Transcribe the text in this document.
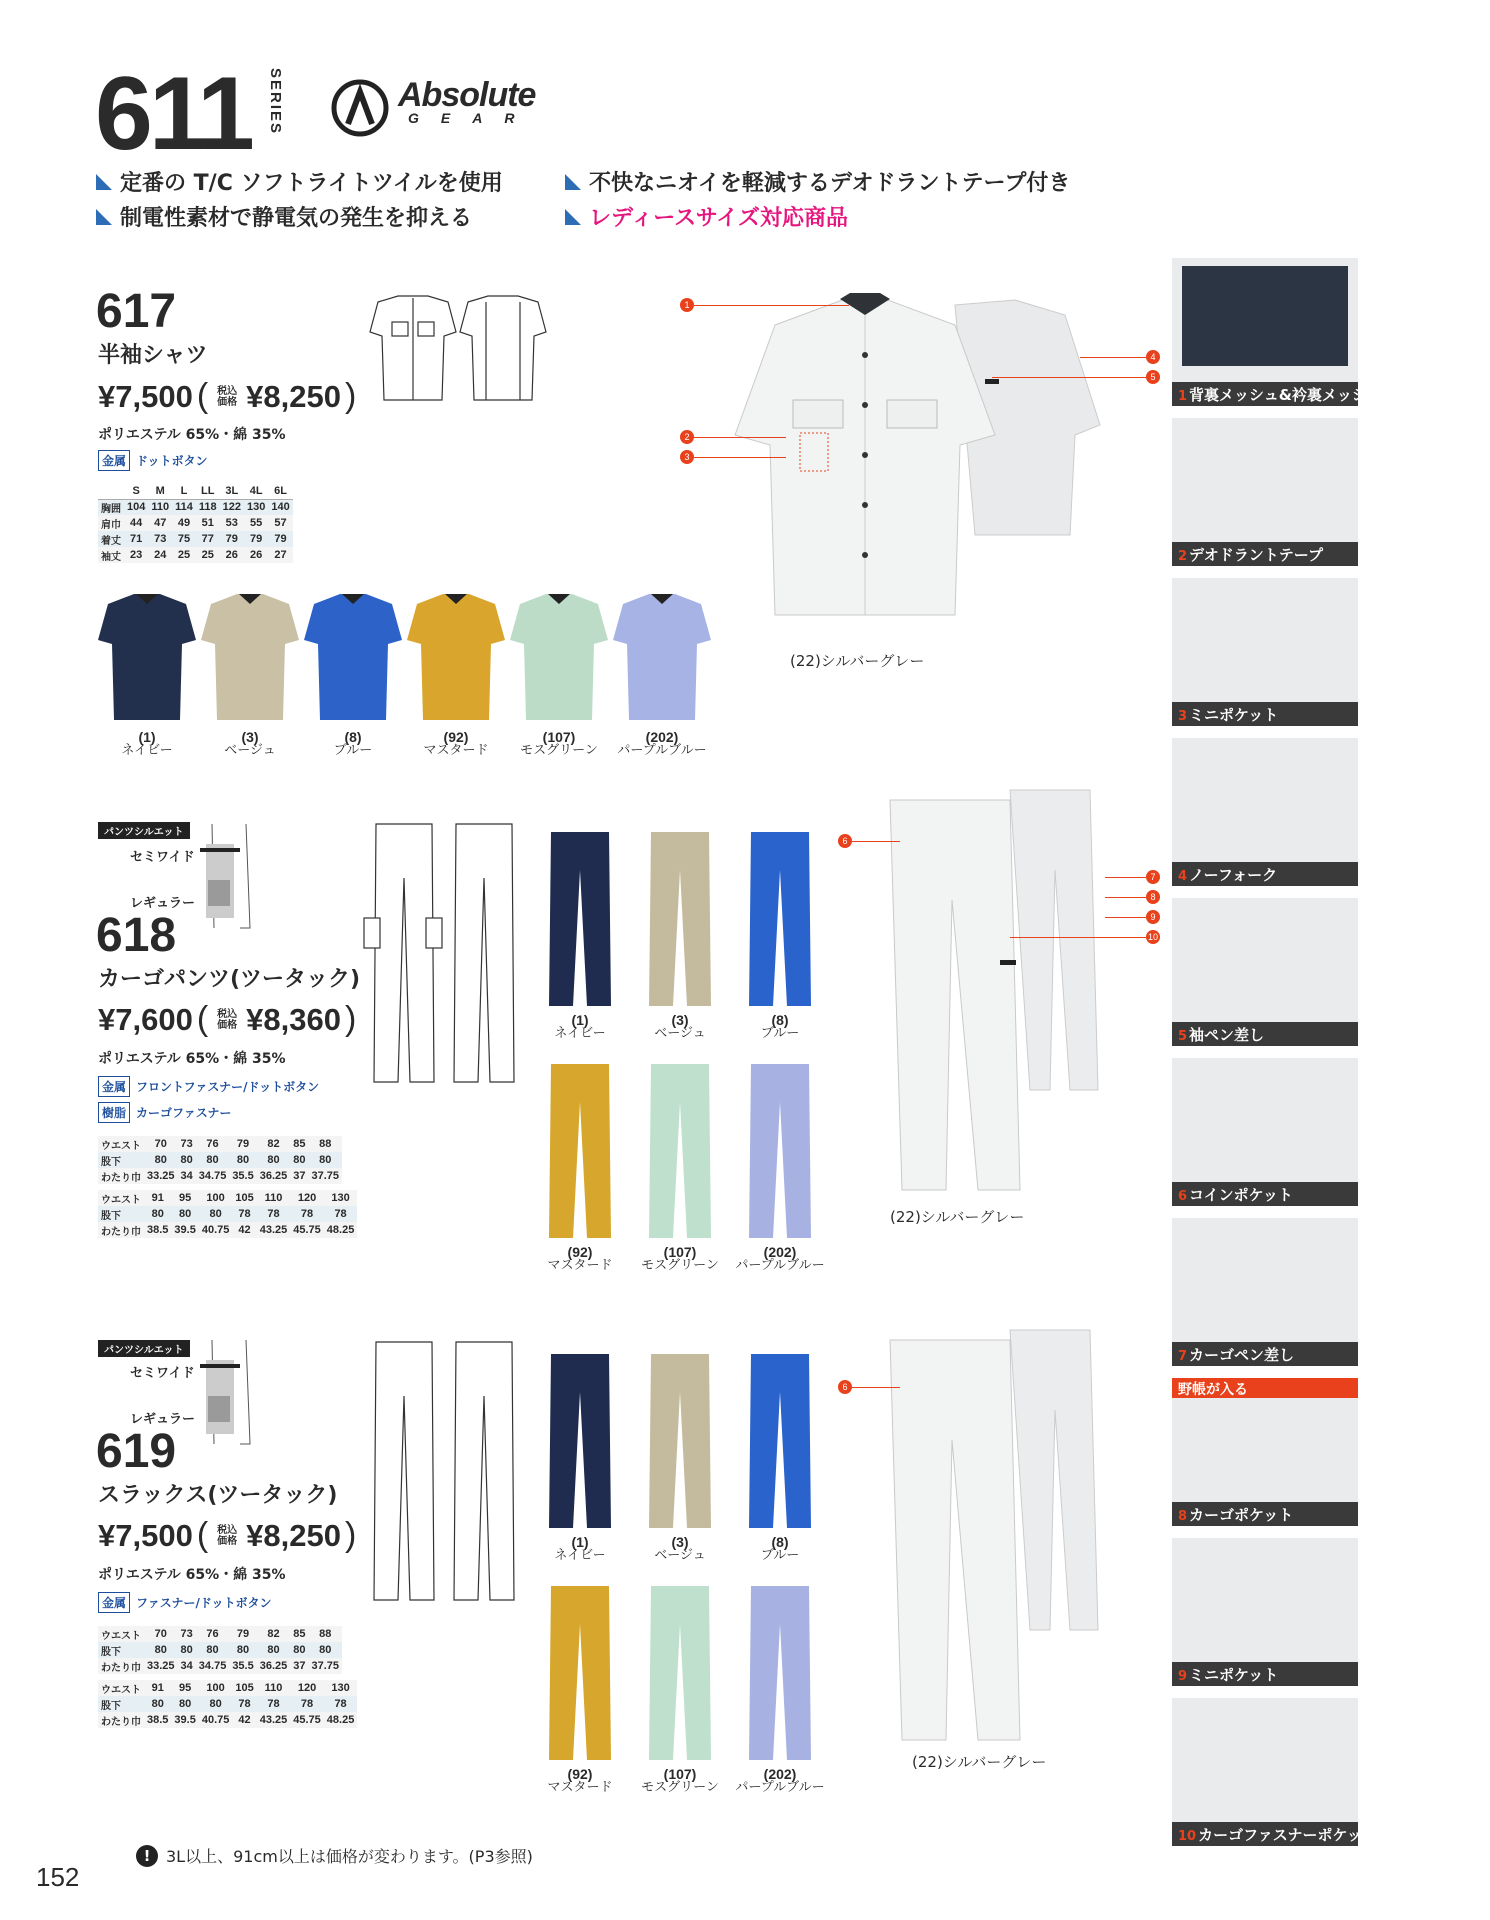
611	SERIES	Absolute
GEAR
定番の T/C ソフトライトツイルを使用	不快なニオイを軽減するデオドラントテープ付き
制電性素材で静電気の発生を抑える	レディースサイズ対応商品
617
半袖シャツ
¥7,500 ( 税込
価格 ¥8,250 )
ポリエステル 65%・綿 35%
金属 ドットボタン
	S	M	L	LL	3L	4L	6L
胸囲	104	110	114	118	122	130	140
肩巾	44	47	49	51	53	55	57
着丈	71	73	75	77	79	79	79
袖丈	23	24	25	25	26	26	27
(1)
ネイビー
(3)
ベージュ
(8)
ブルー
(92)
マスタード
(107)
モスグリーン
(202)
パープルブルー
(22)シルバーグレー
パンツシルエット
セミワイド
レギュラー
618
カーゴパンツ(ツータック)
¥7,600 ( 税込
価格 ¥8,360 )
ポリエステル 65%・綿 35%
金属 フロントファスナー/ドットボタン
樹脂 カーゴファスナー
ウエスト	70	73	76	79	82	85	88
股下	80	80	80	80	80	80	80
わたり巾	33.25	34	34.75	35.5	36.25	37	37.75
ウエスト	91	95	100	105	110	120	130
股下	80	80	80	78	78	78	78
わたり巾	38.5	39.5	40.75	42	43.25	45.75	48.25
(1)
ネイビー
(3)
ベージュ
(8)
ブルー
(92)
マスタード
(107)
モスグリーン
(202)
パープルブルー
(22)シルバーグレー
パンツシルエット
セミワイド
レギュラー
619
スラックス(ツータック)
¥7,500 ( 税込
価格 ¥8,250 )
ポリエステル 65%・綿 35%
金属 ファスナー/ドットボタン
ウエスト	70	73	76	79	82	85	88
股下	80	80	80	80	80	80	80
わたり巾	33.25	34	34.75	35.5	36.25	37	37.75
ウエスト	91	95	100	105	110	120	130
股下	80	80	80	78	78	78	78
わたり巾	38.5	39.5	40.75	42	43.25	45.75	48.25
(1)
ネイビー
(3)
ベージュ
(8)
ブルー
(92)
マスタード
(107)
モスグリーン
(202)
パープルブルー
(22)シルバーグレー
1
2
3
4
5
6
7
8
9
10
6
1 背裏メッシュ&衿裏メッシュ
2 デオドラントテープ
3 ミニポケット
4 ノーフォーク
5 袖ペン差し
6 コインポケット
7 カーゴペン差し
野帳が入る
8 カーゴポケット
9 ミニポケット
10 カーゴファスナーポケット
! 3L以上、91cm以上は価格が変わります。(P3参照)
152
